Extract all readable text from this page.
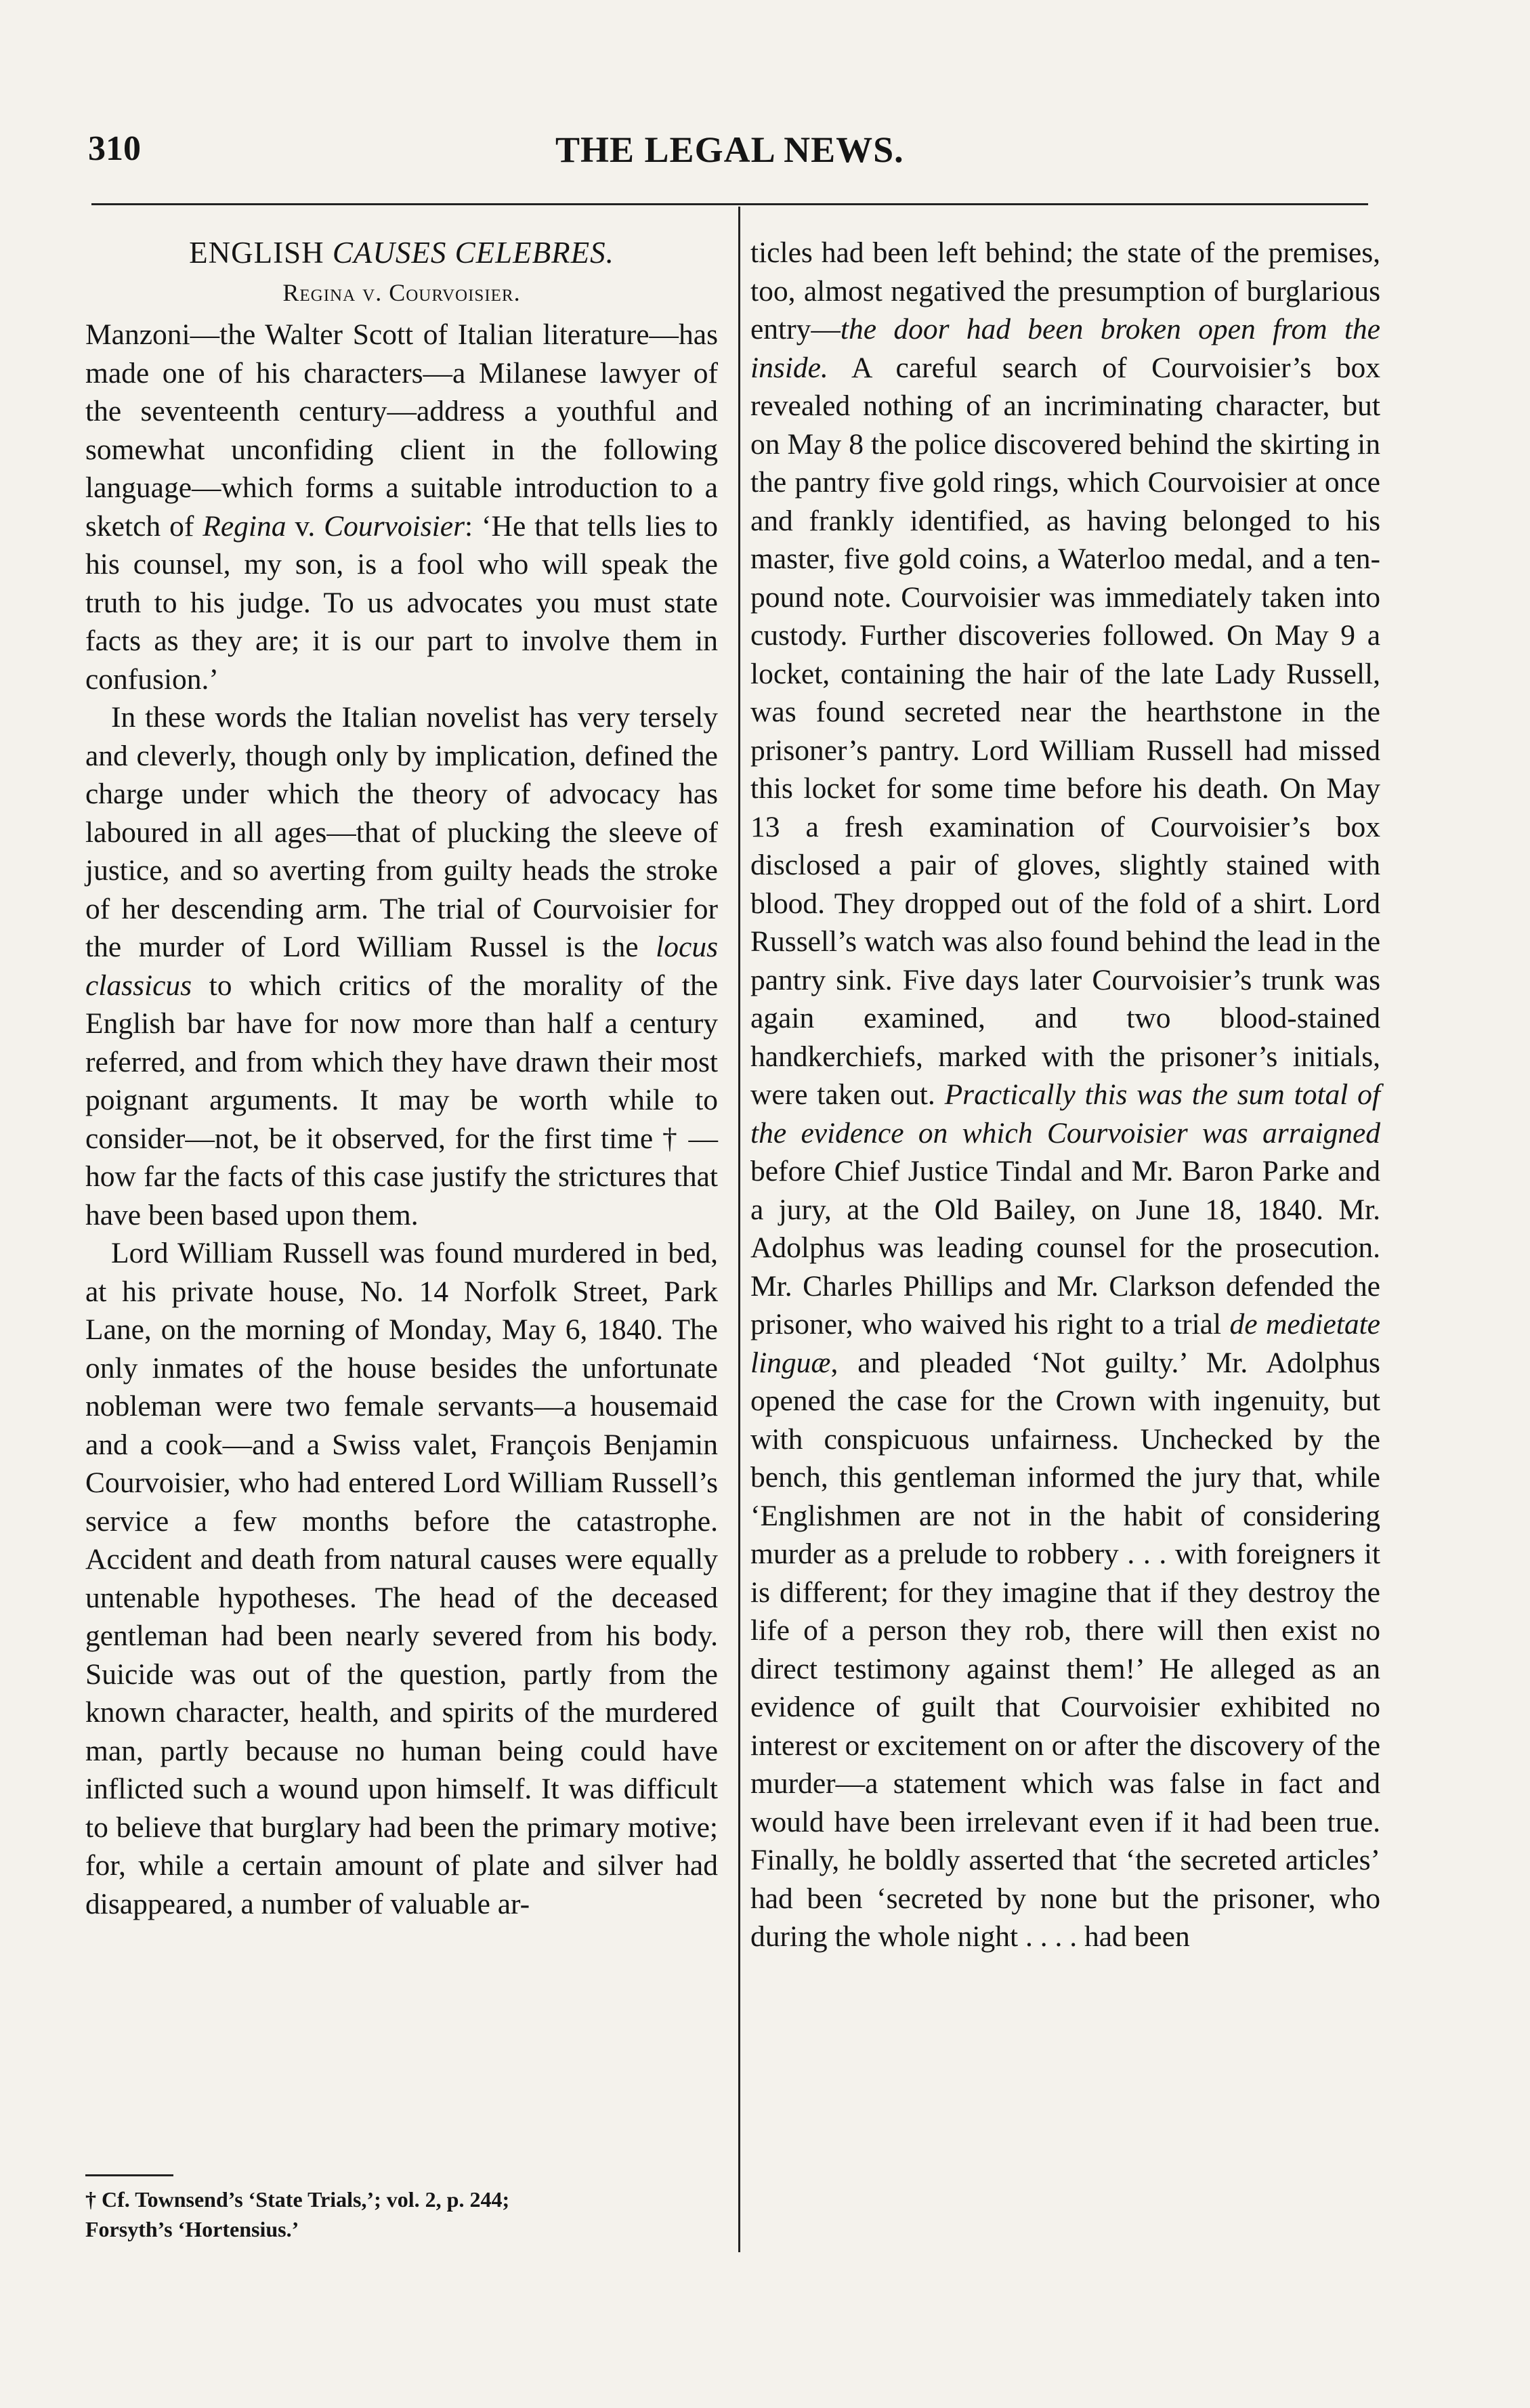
310	THE LEGAL NEWS.
ENGLISH CAUSES CELEBRES.
Regina v. Courvoisier.

Manzoni—the Walter Scott of Italian literature—has made one of his characters—a Milanese lawyer of the seventeenth century—address a youthful and somewhat unconfiding client in the following language—which forms a suitable introduction to a sketch of Regina v. Courvoisier: ‘He that tells lies to his counsel, my son, is a fool who will speak the truth to his judge. To us advocates you must state facts as they are; it is our part to involve them in confusion.’

In these words the Italian novelist has very tersely and cleverly, though only by implication, defined the charge under which the theory of advocacy has laboured in all ages—that of plucking the sleeve of justice, and so averting from guilty heads the stroke of her descending arm. The trial of Courvoisier for the murder of Lord William Russel is the locus classicus to which critics of the morality of the English bar have for now more than half a century referred, and from which they have drawn their most poignant arguments. It may be worth while to consider—not, be it observed, for the first time † —how far the facts of this case justify the strictures that have been based upon them.

Lord William Russell was found murdered in bed, at his private house, No. 14 Norfolk Street, Park Lane, on the morning of Monday, May 6, 1840. The only inmates of the house besides the unfortunate nobleman were two female servants—a housemaid and a cook—and a Swiss valet, François Benjamin Courvoisier, who had entered Lord William Russell’s service a few months before the catastrophe. Accident and death from natural causes were equally untenable hypotheses. The head of the deceased gentleman had been nearly severed from his body. Suicide was out of the question, partly from the known character, health, and spirits of the murdered man, partly because no human being could have inflicted such a wound upon himself. It was difficult to believe that burglary had been the primary motive; for, while a certain amount of plate and silver had disappeared, a number of valuable ar-

ticles had been left behind; the state of the premises, too, almost negatived the presumption of burglarious entry—the door had been broken open from the inside. A careful search of Courvoisier’s box revealed nothing of an incriminating character, but on May 8 the police discovered behind the skirting in the pantry five gold rings, which Courvoisier at once and frankly identified, as having belonged to his master, five gold coins, a Waterloo medal, and a ten-pound note. Courvoisier was immediately taken into custody. Further discoveries followed. On May 9 a locket, containing the hair of the late Lady Russell, was found secreted near the hearthstone in the prisoner’s pantry. Lord William Russell had missed this locket for some time before his death. On May 13 a fresh examination of Courvoisier’s box disclosed a pair of gloves, slightly stained with blood. They dropped out of the fold of a shirt. Lord Russell’s watch was also found behind the lead in the pantry sink. Five days later Courvoisier’s trunk was again examined, and two blood-stained handkerchiefs, marked with the prisoner’s initials, were taken out. Practically this was the sum total of the evidence on which Courvoisier was arraigned before Chief Justice Tindal and Mr. Baron Parke and a jury, at the Old Bailey, on June 18, 1840. Mr. Adolphus was leading counsel for the prosecution. Mr. Charles Phillips and Mr. Clarkson defended the prisoner, who waived his right to a trial de medietate linguæ, and pleaded ‘Not guilty.’ Mr. Adolphus opened the case for the Crown with ingenuity, but with conspicuous unfairness. Unchecked by the bench, this gentleman informed the jury that, while ‘Englishmen are not in the habit of considering murder as a prelude to robbery . . . with foreigners it is different; for they imagine that if they destroy the life of a person they rob, there will then exist no direct testimony against them!’ He alleged as an evidence of guilt that Courvoisier exhibited no interest or excitement on or after the discovery of the murder—a statement which was false in fact and would have been irrelevant even if it had been true. Finally, he boldly asserted that ‘the secreted articles’ had been ‘secreted by none but the prisoner, who during the whole night . . . . had been

† Cf. Townsend’s ‘State Trials,’; vol. 2, p. 244;
Forsyth’s ‘Hortensius.’
